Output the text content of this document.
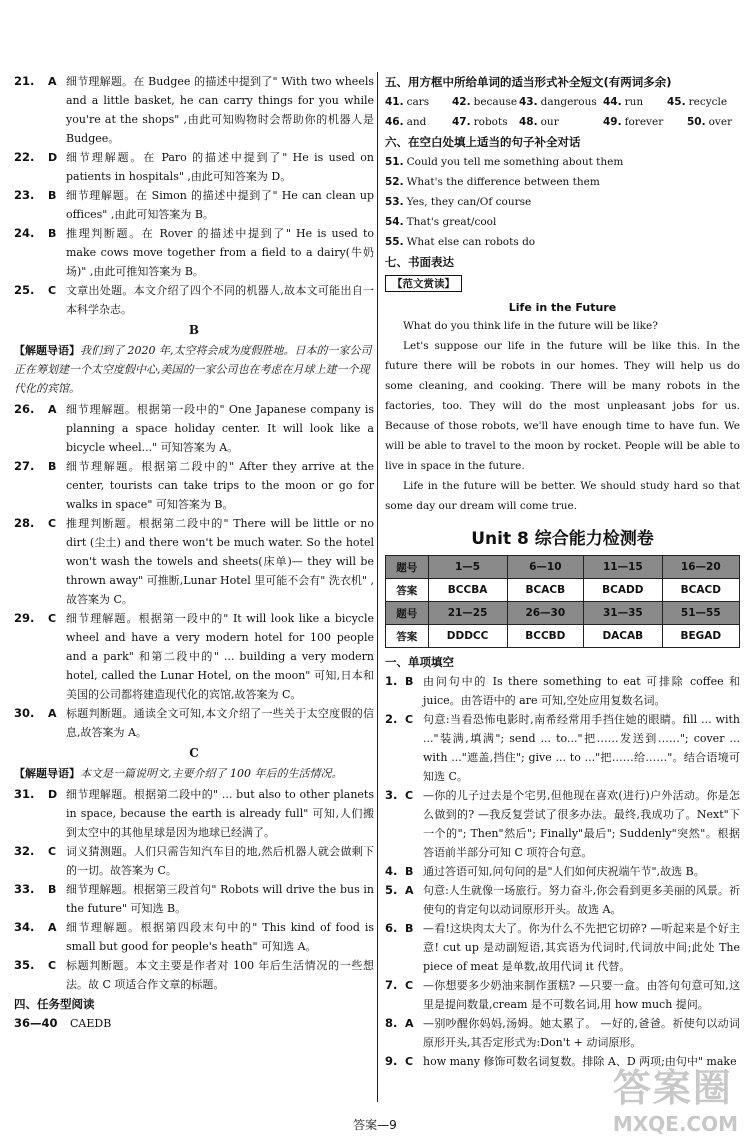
21.	A 细节理解题。在 Budgee 的描述中提到了" With two wheels and a little basket, he can carry things for you while you're at the shops" ,由此可知购物时会帮助你的机器人是 Budgee。
22.	D 细节理解题。在 Paro 的描述中提到了" He is used on patients in hospitals" ,由此可知答案为 D。
23.	B 细节理解题。在 Simon 的描述中提到了" He can clean up offices" ,由此可知答案为 B。
24.	B 推理判断题。在 Rover 的描述中提到了" He is used to make cows move together from a field to a dairy(牛奶场)" ,由此可推知答案为 B。
25.	C 文章出处题。本文介绍了四个不同的机器人,故本文可能出自一本科学杂志。
B
【解题导语】我们到了 2020 年,太空将会成为度假胜地。日本的一家公司正在筹划建一个太空度假中心,美国的一家公司也在考虑在月球上建一个现代化的宾馆。
26.	A 细节理解题。根据第一段中的" One Japanese company is planning a space holiday center. It will look like a bicycle wheel..." 可知答案为 A。
27.	B 细节理解题。根据第二段中的" After they arrive at the center, tourists can take trips to the moon or go for walks in space" 可知答案为 B。
28.	C 推理判断题。根据第二段中的" There will be little or no dirt (尘土) and there won't be much water. So the hotel won't wash the towels and sheets(床单)— they will be thrown away" 可推断,Lunar Hotel 里可能不会有" 洗衣机" ,故答案为 C。
29.	C 细节理解题。根据第一段中的" It will look like a bicycle wheel and have a very modern hotel for 100 people and a park" 和第二段中的" ... building a very modern hotel, called the Lunar Hotel, on the moon" 可知,日本和美国的公司都将建造现代化的宾馆,故答案为 C。
30.	A 标题判断题。通读全文可知,本文介绍了一些关于太空度假的信息,故答案为 A。
C
【解题导语】本文是一篇说明文,主要介绍了 100 年后的生活情况。
31.	D 细节理解题。根据第二段中的" ... but also to other planets in space, because the earth is already full" 可知,人们搬到太空中的其他星球是因为地球已经满了。
32.	C 词义猜测题。人们只需告知汽车目的地,然后机器人就会做剩下的一切。故答案为 C。
33.	B 细节理解题。根据第三段首句" Robots will drive the bus in the future" 可知选 B。
34.	A 细节理解题。根据第四段末句中的" This kind of food is small but good for people's heath" 可知选 A。
35.	C 标题判断题。本文主要是作者对 100 年后生活情况的一些想法。故 C 项适合作文章的标题。
四、任务型阅读
36—40	CAEDB
五、用方框中所给单词的适当形式补全短文(有两词多余)
41. cars 42. because 43. dangerous 44. run 45. recycle
46. and 47. robots 48. our	49. forever 50. over
六、在空白处填上适当的句子补全对话
51. Could you tell me something about them
52. What's the difference between them
53. Yes, they can/Of course
54. That's great/cool
55. What else can robots do
七、书面表达
【范文赏读】
Life in the Future

What do you think life in the future will be like?

Let's suppose our life in the future will be like this. In the future there will be robots in our homes. They will help us do some cleaning, and cooking. There will be many robots in the factories, too. They will do the most unpleasant jobs for us. Because of those robots, we'll have enough time to have fun. We will be able to travel to the moon by rocket. People will be able to live in space in the future.

Life in the future will be better. We should study hard so that some day our dream will come true.

Unit 8 综合能力检测卷
题号	1—5	6—10	11—15	16—20
答案	BCCBA	BCACB	BCADD	BCACD
题号	21—25	26—30	31—35	51—55
答案	DDDCC	BCCBD	DACAB	BEGAD
一、单项填空
1. B 由问句中的 Is there something to eat 可排除 coffee 和 juice。由答语中的 are 可知,空处应用复数名词。
2. C 句意:当看恐怖电影时,南希经常用手挡住她的眼睛。fill ... with ..."装满,填满"; send ... to..."把……发送到……"; cover ... with ..."遮盖,挡住"; give ... to ..."把……给……"。结合语境可知选 C。
3. C —你的儿子过去是个宅男,但他现在喜欢(进行)户外活动。你是怎么做到的? —我反复尝试了很多办法。最终,我成功了。Next"下一个的"; Then"然后"; Finally"最后"; Suddenly"突然"。根据答语前半部分可知 C 项符合句意。
4. B 通过答语可知,问句问的是"人们如何庆祝端午节",故选 B。
5. A 句意:人生就像一场旅行。努力奋斗,你会看到更多美丽的风景。祈使句的肯定句以动词原形开头。故选 A。
6. B —看!这块肉太大了。你为什么不先把它切碎? —听起来是个好主意! cut up 是动副短语,其宾语为代词时,代词放中间;此处 The piece of meat 是单数,故用代词 it 代替。
7. C —你想要多少奶油来制作蛋糕? —只要一盒。由答句句意可知,这里是提问数量,cream 是不可数名词,用 how much 提问。
8. A —别吵醒你妈妈,汤姆。她太累了。 —好的,爸爸。祈使句以动词原形开头,其否定形式为:Don't + 动词原形。
9. C how many 修饰可数名词复数。排除 A、D 两项;由句中" make
答案—9
答案圈
MXQE.COM
